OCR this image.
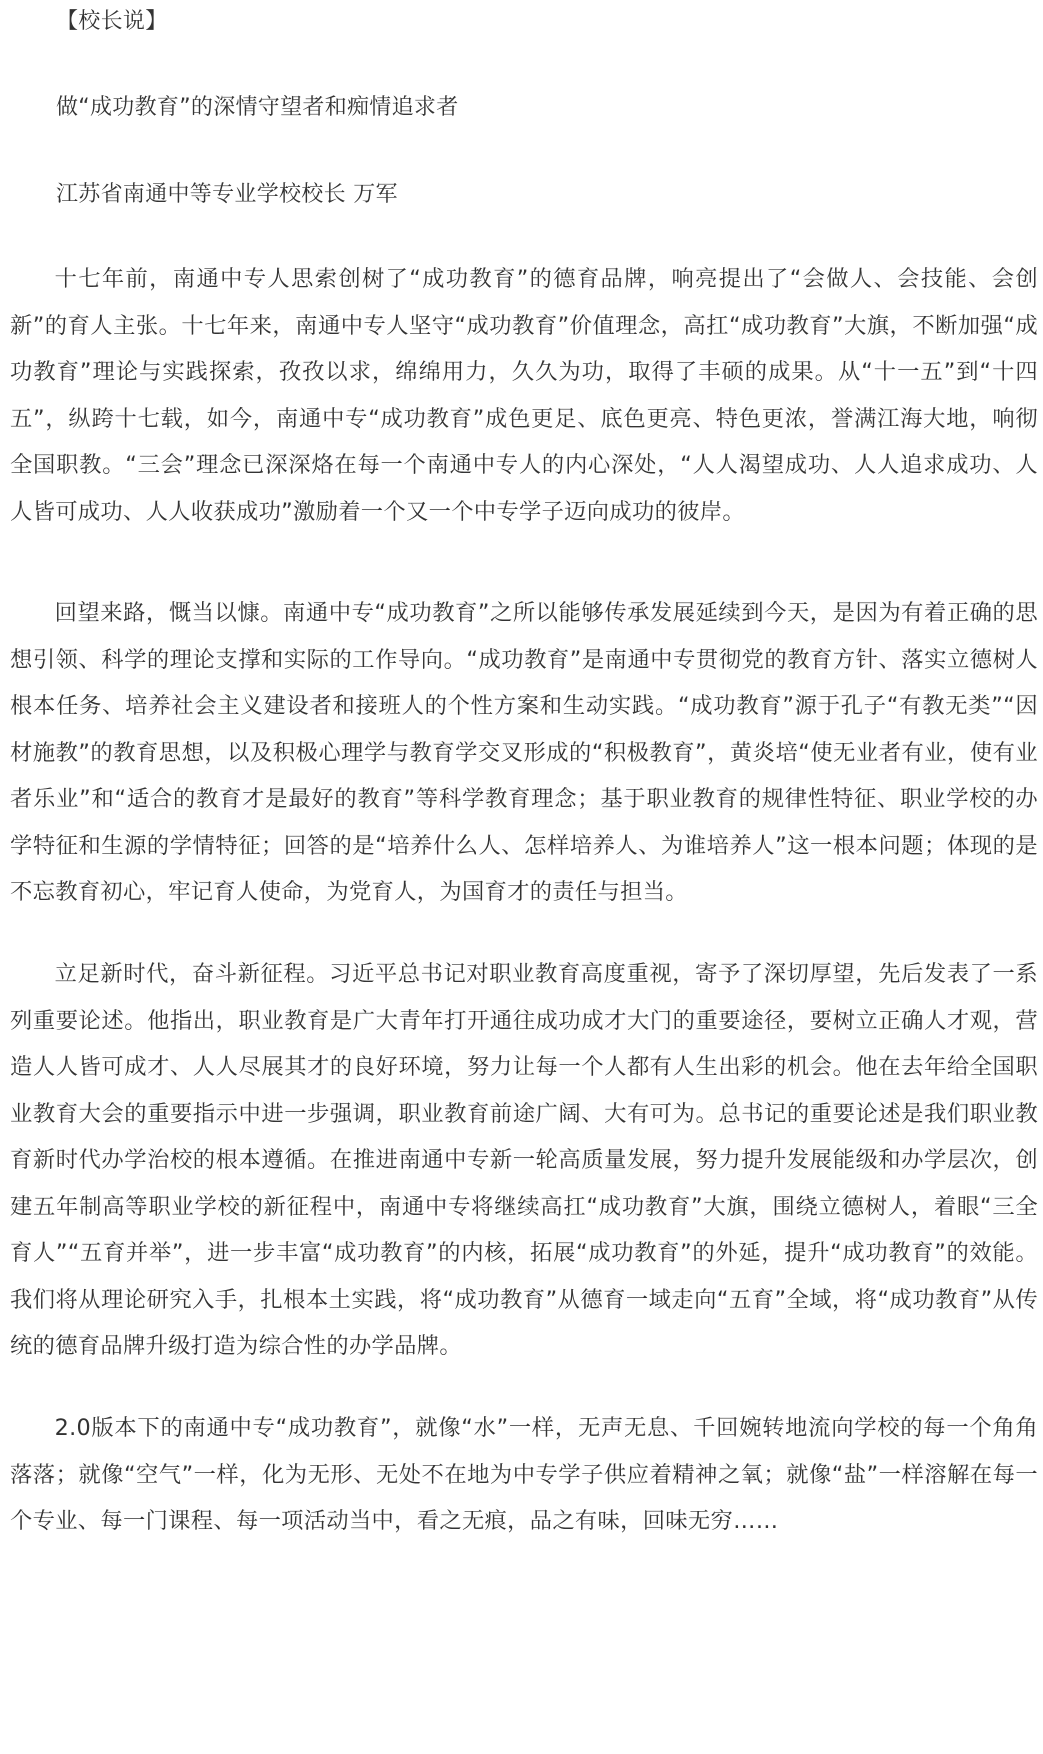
【校长说】

做“成功教育”的深情守望者和痴情追求者

江苏省南通中等专业学校校长 万军

十七年前，南通中专人思索创树了“成功教育”的德育品牌，响亮提出了“会做人、会技能、会创新”的育人主张。十七年来，南通中专人坚守“成功教育”价值理念，高扛“成功教育”大旗，不断加强“成功教育”理论与实践探索，孜孜以求，绵绵用力，久久为功，取得了丰硕的成果。从“十一五”到“十四五”，纵跨十七载，如今，南通中专“成功教育”成色更足、底色更亮、特色更浓，誉满江海大地，响彻全国职教。“三会”理念已深深烙在每一个南通中专人的内心深处，“人人渴望成功、人人追求成功、人人皆可成功、人人收获成功”激励着一个又一个中专学子迈向成功的彼岸。

回望来路，慨当以慷。南通中专“成功教育”之所以能够传承发展延续到今天，是因为有着正确的思想引领、科学的理论支撑和实际的工作导向。“成功教育”是南通中专贯彻党的教育方针、落实立德树人根本任务、培养社会主义建设者和接班人的个性方案和生动实践。“成功教育”源于孔子“有教无类”“因材施教”的教育思想，以及积极心理学与教育学交叉形成的“积极教育”，黄炎培“使无业者有业，使有业者乐业”和“适合的教育才是最好的教育”等科学教育理念；基于职业教育的规律性特征、职业学校的办学特征和生源的学情特征；回答的是“培养什么人、怎样培养人、为谁培养人”这一根本问题；体现的是不忘教育初心，牢记育人使命，为党育人，为国育才的责任与担当。

立足新时代，奋斗新征程。习近平总书记对职业教育高度重视，寄予了深切厚望，先后发表了一系列重要论述。他指出，职业教育是广大青年打开通往成功成才大门的重要途径，要树立正确人才观，营造人人皆可成才、人人尽展其才的良好环境，努力让每一个人都有人生出彩的机会。他在去年给全国职业教育大会的重要指示中进一步强调，职业教育前途广阔、大有可为。总书记的重要论述是我们职业教育新时代办学治校的根本遵循。在推进南通中专新一轮高质量发展，努力提升发展能级和办学层次，创建五年制高等职业学校的新征程中，南通中专将继续高扛“成功教育”大旗，围绕立德树人，着眼“三全育人”“五育并举”，进一步丰富“成功教育”的内核，拓展“成功教育”的外延，提升“成功教育”的效能。我们将从理论研究入手，扎根本土实践，将“成功教育”从德育一域走向“五育”全域，将“成功教育”从传统的德育品牌升级打造为综合性的办学品牌。

2.0版本下的南通中专“成功教育”，就像“水”一样，无声无息、千回婉转地流向学校的每一个角角落落；就像“空气”一样，化为无形、无处不在地为中专学子供应着精神之氧；就像“盐”一样溶解在每一个专业、每一门课程、每一项活动当中，看之无痕，品之有味，回味无穷……
